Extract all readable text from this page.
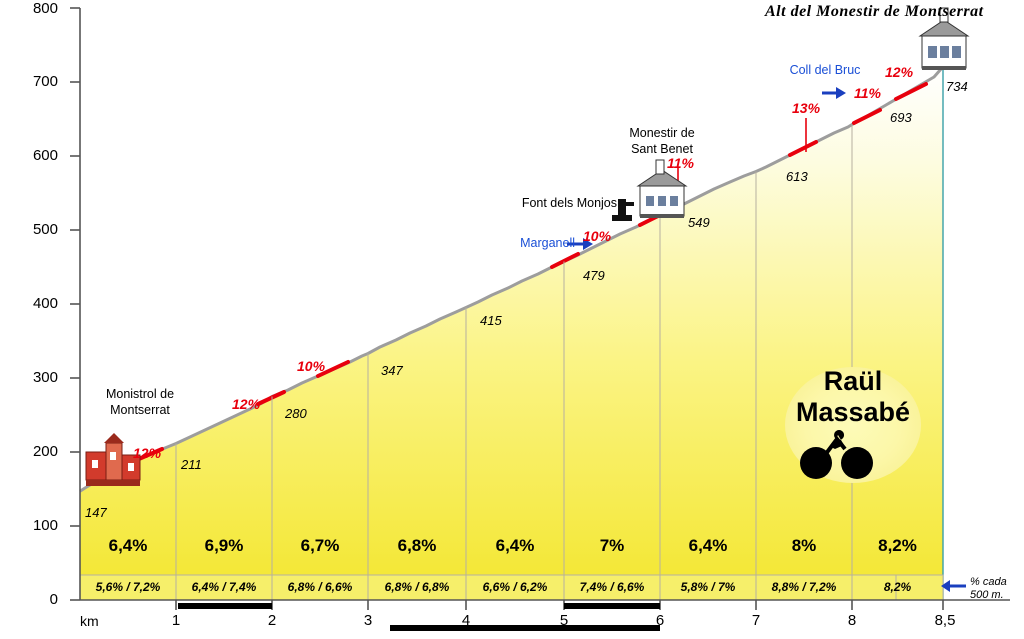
0
100
200
300
400
500
600
700
800
km	1	2	3	4	5	6	7	8	8,5
Alt del Monestir de Montserrat
147
211
280
347
415
479
549
613
693
734
12%
12%
10%
10%
11%
13%
11%
12%
Monistrol de
Montserrat
Marganell
Font dels Monjos
Monestir de
Sant Benet
Coll del Bruc
6,4%	6,9%	6,7%	6,8%	6,4%	7%	6,4%	8%	8,2%
5,6% / 7,2%	6,4% / 7,4%	6,8% / 6,6%	6,8% / 6,8%	6,6% / 6,2%	7,4% / 6,6%	5,8% / 7%	8,8% / 7,2%	8,2%
Raül
Massabé
% cada
500 m.
